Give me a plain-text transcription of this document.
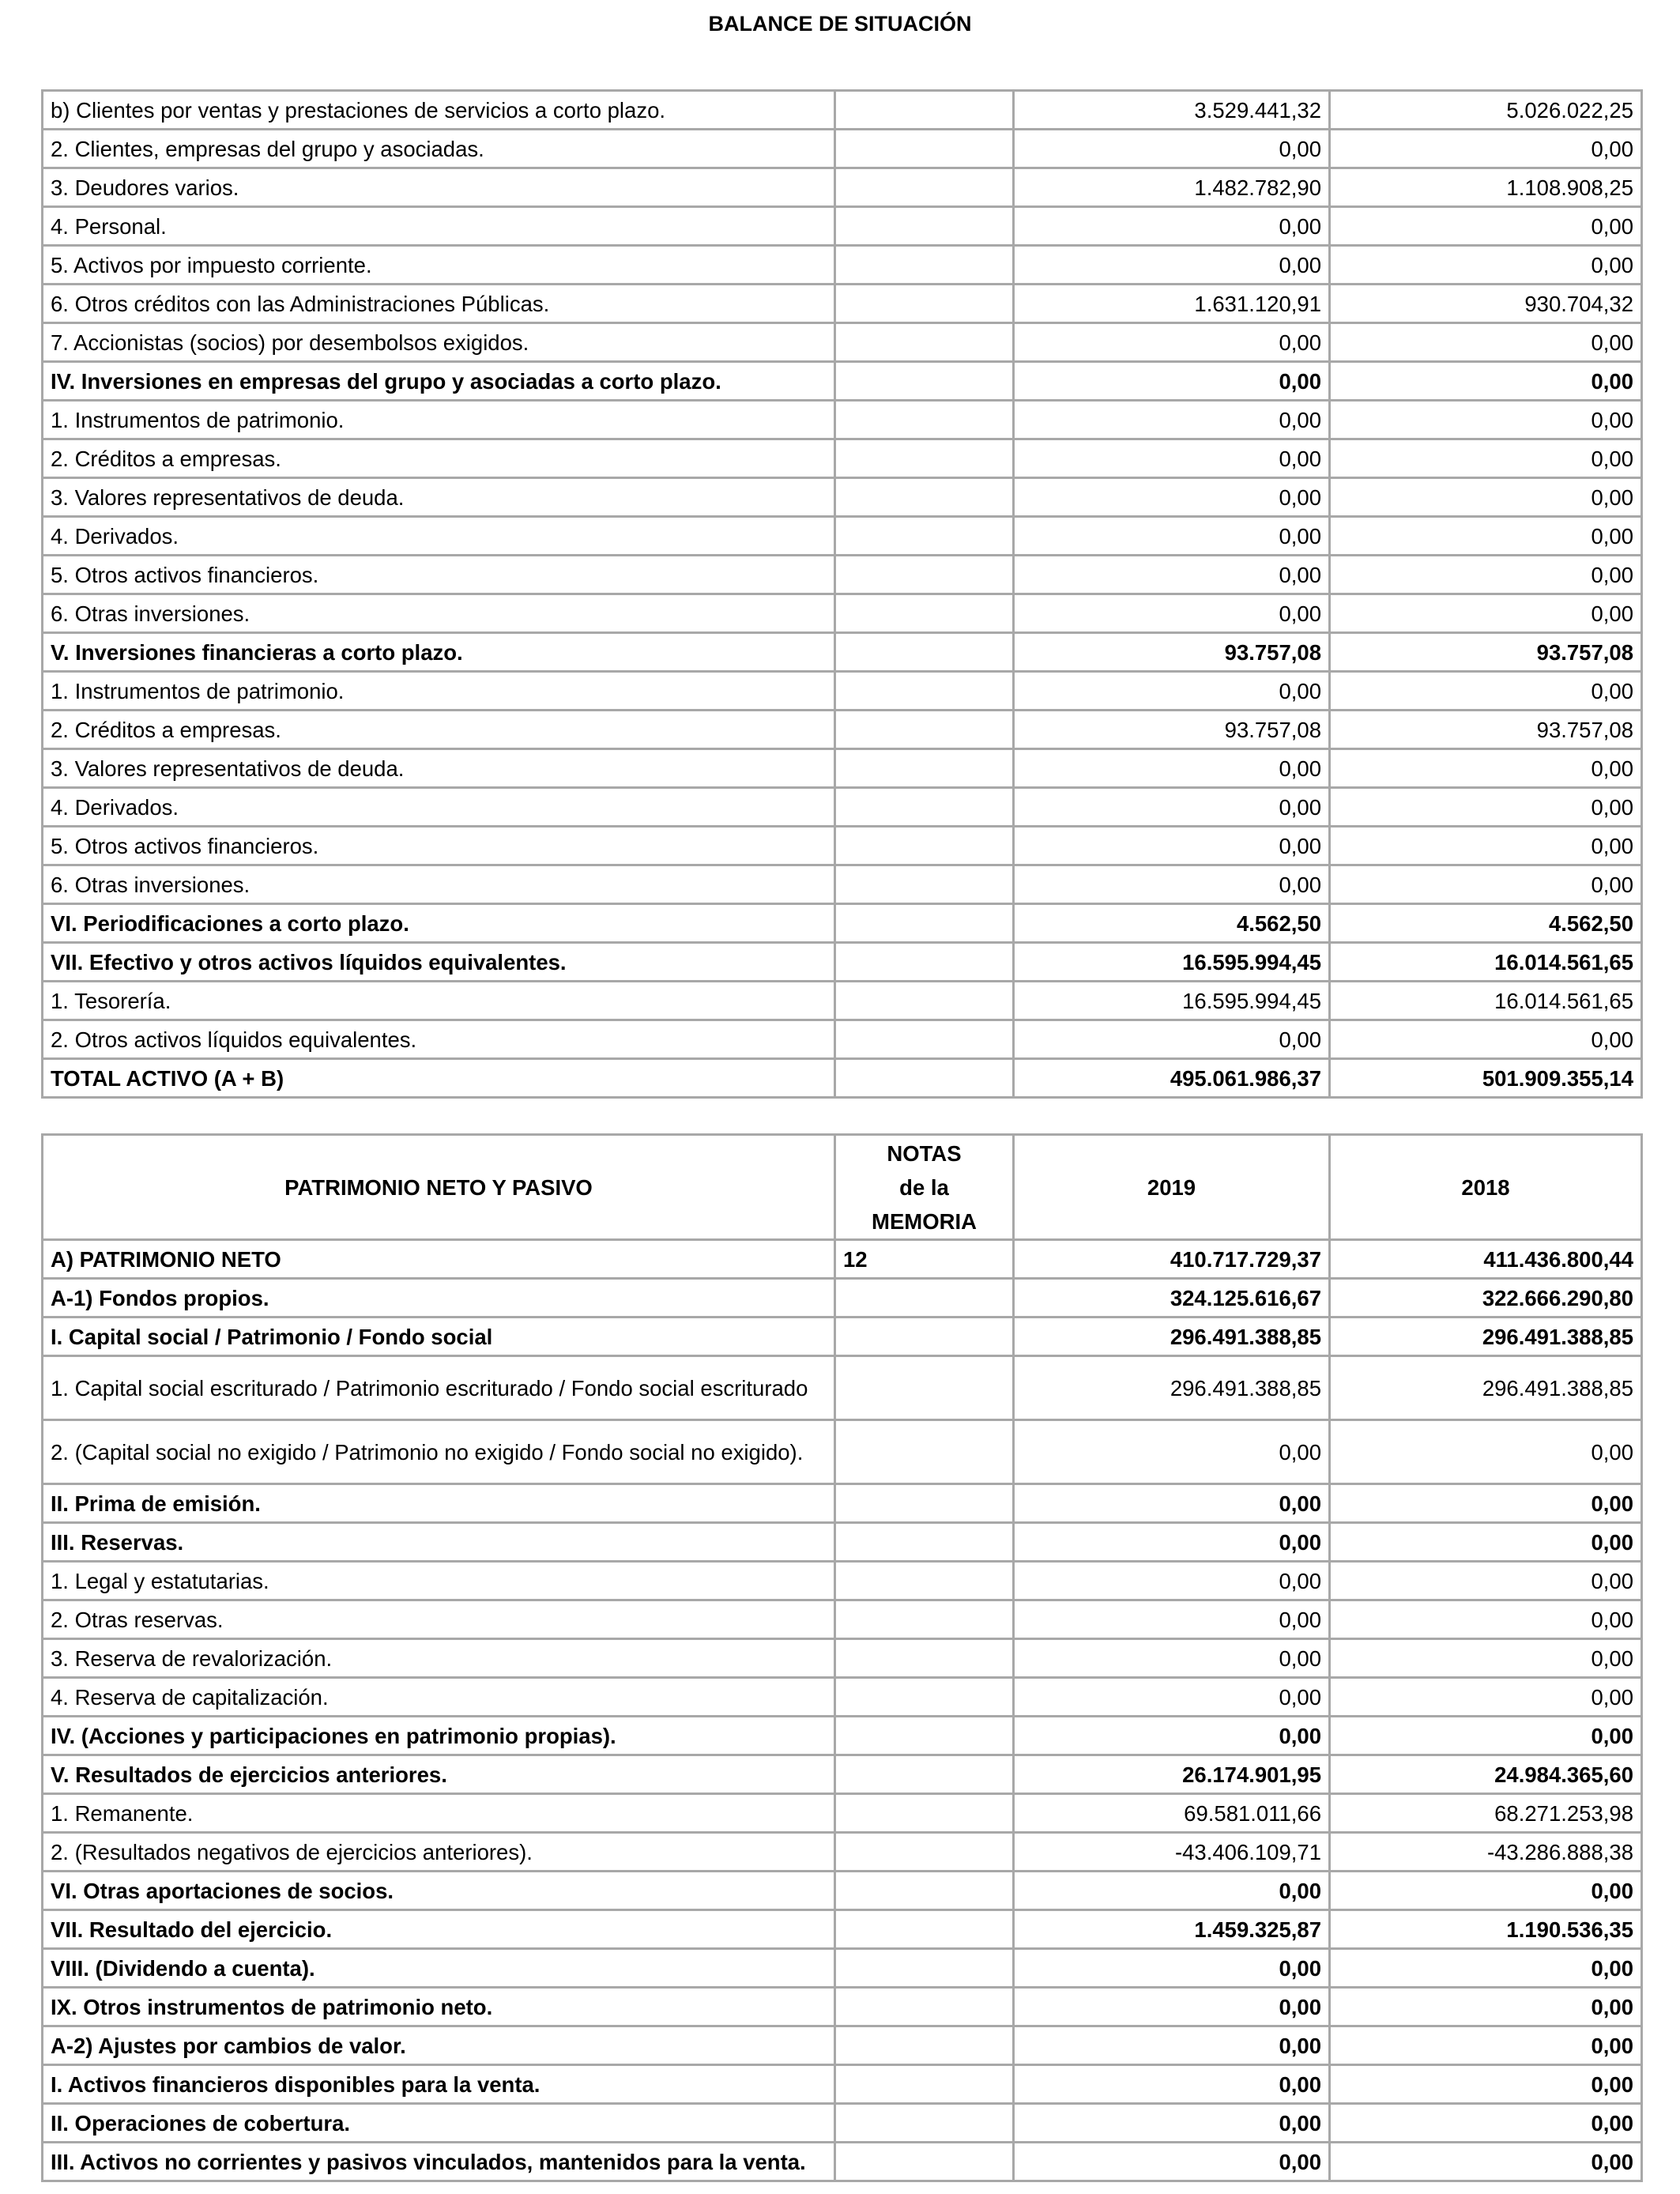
BALANCE DE SITUACIÓN
b) Clientes por ventas y prestaciones de servicios a corto plazo.		3.529.441,32	5.026.022,25
2. Clientes, empresas del grupo y asociadas.		0,00	0,00
3. Deudores varios.		1.482.782,90	1.108.908,25
4. Personal.		0,00	0,00
5. Activos por impuesto corriente.		0,00	0,00
6. Otros créditos con las Administraciones Públicas.		1.631.120,91	930.704,32
7. Accionistas (socios) por desembolsos exigidos.		0,00	0,00
IV. Inversiones en empresas del grupo y asociadas a corto plazo.		0,00	0,00
1. Instrumentos de patrimonio.		0,00	0,00
2. Créditos a empresas.		0,00	0,00
3. Valores representativos de deuda.		0,00	0,00
4. Derivados.		0,00	0,00
5. Otros activos financieros.		0,00	0,00
6. Otras inversiones.		0,00	0,00
V. Inversiones financieras a corto plazo.		93.757,08	93.757,08
1. Instrumentos de patrimonio.		0,00	0,00
2. Créditos a empresas.		93.757,08	93.757,08
3. Valores representativos de deuda.		0,00	0,00
4. Derivados.		0,00	0,00
5. Otros activos financieros.		0,00	0,00
6. Otras inversiones.		0,00	0,00
VI. Periodificaciones a corto plazo.		4.562,50	4.562,50
VII. Efectivo y otros activos líquidos equivalentes.		16.595.994,45	16.014.561,65
1. Tesorería.		16.595.994,45	16.014.561,65
2. Otros activos líquidos equivalentes.		0,00	0,00
TOTAL ACTIVO (A + B)		495.061.986,37	501.909.355,14
PATRIMONIO NETO Y PASIVO	NOTAS
de la
MEMORIA	2019	2018
A) PATRIMONIO NETO	12	410.717.729,37	411.436.800,44
A-1) Fondos propios.		324.125.616,67	322.666.290,80
I. Capital social / Patrimonio / Fondo social		296.491.388,85	296.491.388,85
1. Capital social escriturado / Patrimonio escriturado / Fondo social escriturado		296.491.388,85	296.491.388,85
2. (Capital social no exigido / Patrimonio no exigido / Fondo social no exigido).		0,00	0,00
II. Prima de emisión.		0,00	0,00
III. Reservas.		0,00	0,00
1. Legal y estatutarias.		0,00	0,00
2. Otras reservas.		0,00	0,00
3. Reserva de revalorización.		0,00	0,00
4. Reserva de capitalización.		0,00	0,00
IV. (Acciones y participaciones en patrimonio propias).		0,00	0,00
V. Resultados de ejercicios anteriores.		26.174.901,95	24.984.365,60
1. Remanente.		69.581.011,66	68.271.253,98
2. (Resultados negativos de ejercicios anteriores).		-43.406.109,71	-43.286.888,38
VI. Otras aportaciones de socios.		0,00	0,00
VII. Resultado del ejercicio.		1.459.325,87	1.190.536,35
VIII. (Dividendo a cuenta).		0,00	0,00
IX. Otros instrumentos de patrimonio neto.		0,00	0,00
A-2) Ajustes por cambios de valor.		0,00	0,00
I. Activos financieros disponibles para la venta.		0,00	0,00
II. Operaciones de cobertura.		0,00	0,00
III. Activos no corrientes y pasivos vinculados, mantenidos para la venta.		0,00	0,00
